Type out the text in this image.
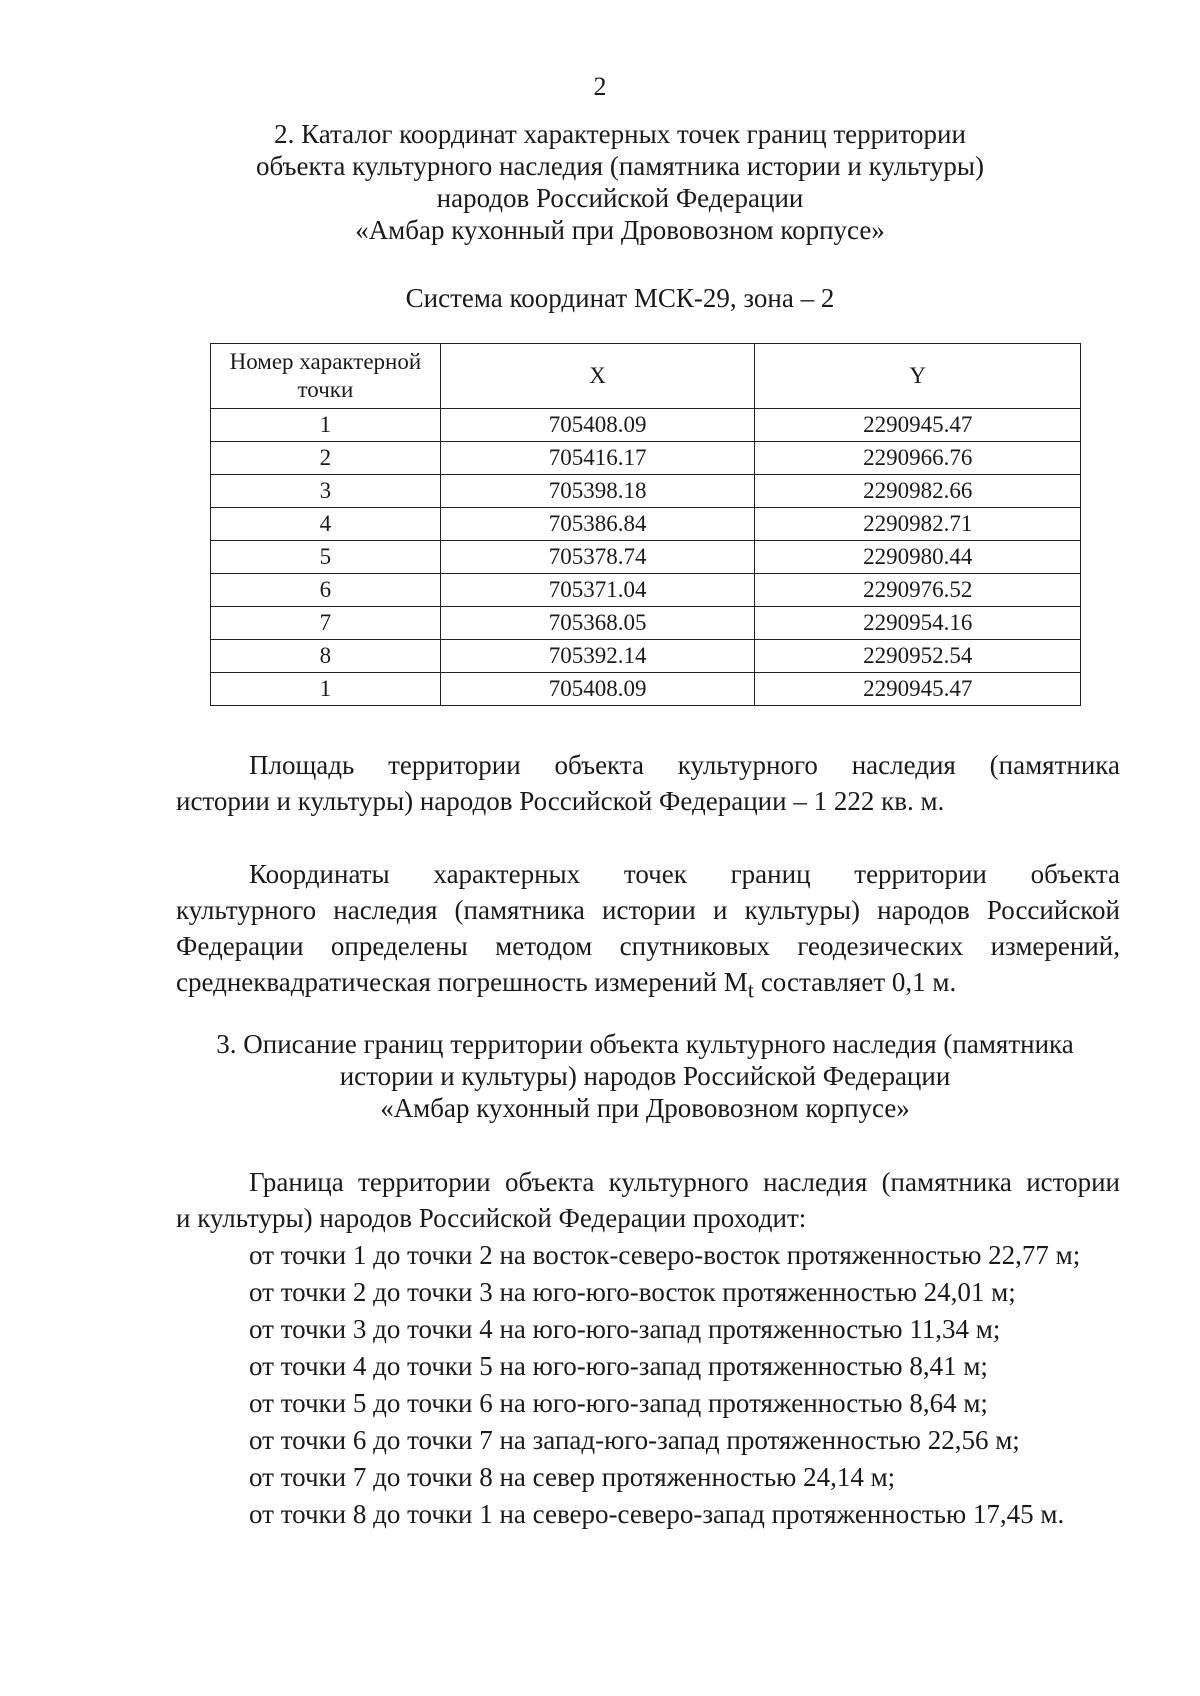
2
2. Каталог координат характерных точек границ территории
объекта культурного наследия (памятника истории и культуры)
народов Российской Федерации
«Амбар кухонный при Дрововозном корпусе»
Система координат МСК-29, зона – 2
Номер характерной точки	X	Y
1	705408.09	2290945.47
2	705416.17	2290966.76
3	705398.18	2290982.66
4	705386.84	2290982.71
5	705378.74	2290980.44
6	705371.04	2290976.52
7	705368.05	2290954.16
8	705392.14	2290952.54
1	705408.09	2290945.47
Площадь территории объекта культурного наследия (памятника
истории и культуры) народов Российской Федерации – 1 222 кв. м.
Координаты характерных точек границ территории объекта
культурного наследия (памятника истории и культуры) народов Российской
Федерации определены методом спутниковых геодезических измерений,
среднеквадратическая погрешность измерений $M_t$ составляет 0,1 м.
3. Описание границ территории объекта культурного наследия (памятника
истории и культуры) народов Российской Федерации
«Амбар кухонный при Дрововозном корпусе»
Граница территории объекта культурного наследия (памятника истории
и культуры) народов Российской Федерации проходит:
от точки 1 до точки 2 на восток-северо-восток протяженностью 22,77 м;
от точки 2 до точки 3 на юго-юго-восток протяженностью 24,01 м;
от точки 3 до точки 4 на юго-юго-запад протяженностью 11,34 м;
от точки 4 до точки 5 на юго-юго-запад протяженностью 8,41 м;
от точки 5 до точки 6 на юго-юго-запад протяженностью 8,64 м;
от точки 6 до точки 7 на запад-юго-запад протяженностью 22,56 м;
от точки 7 до точки 8 на север протяженностью 24,14 м;
от точки 8 до точки 1 на северо-северо-запад протяженностью 17,45 м.
